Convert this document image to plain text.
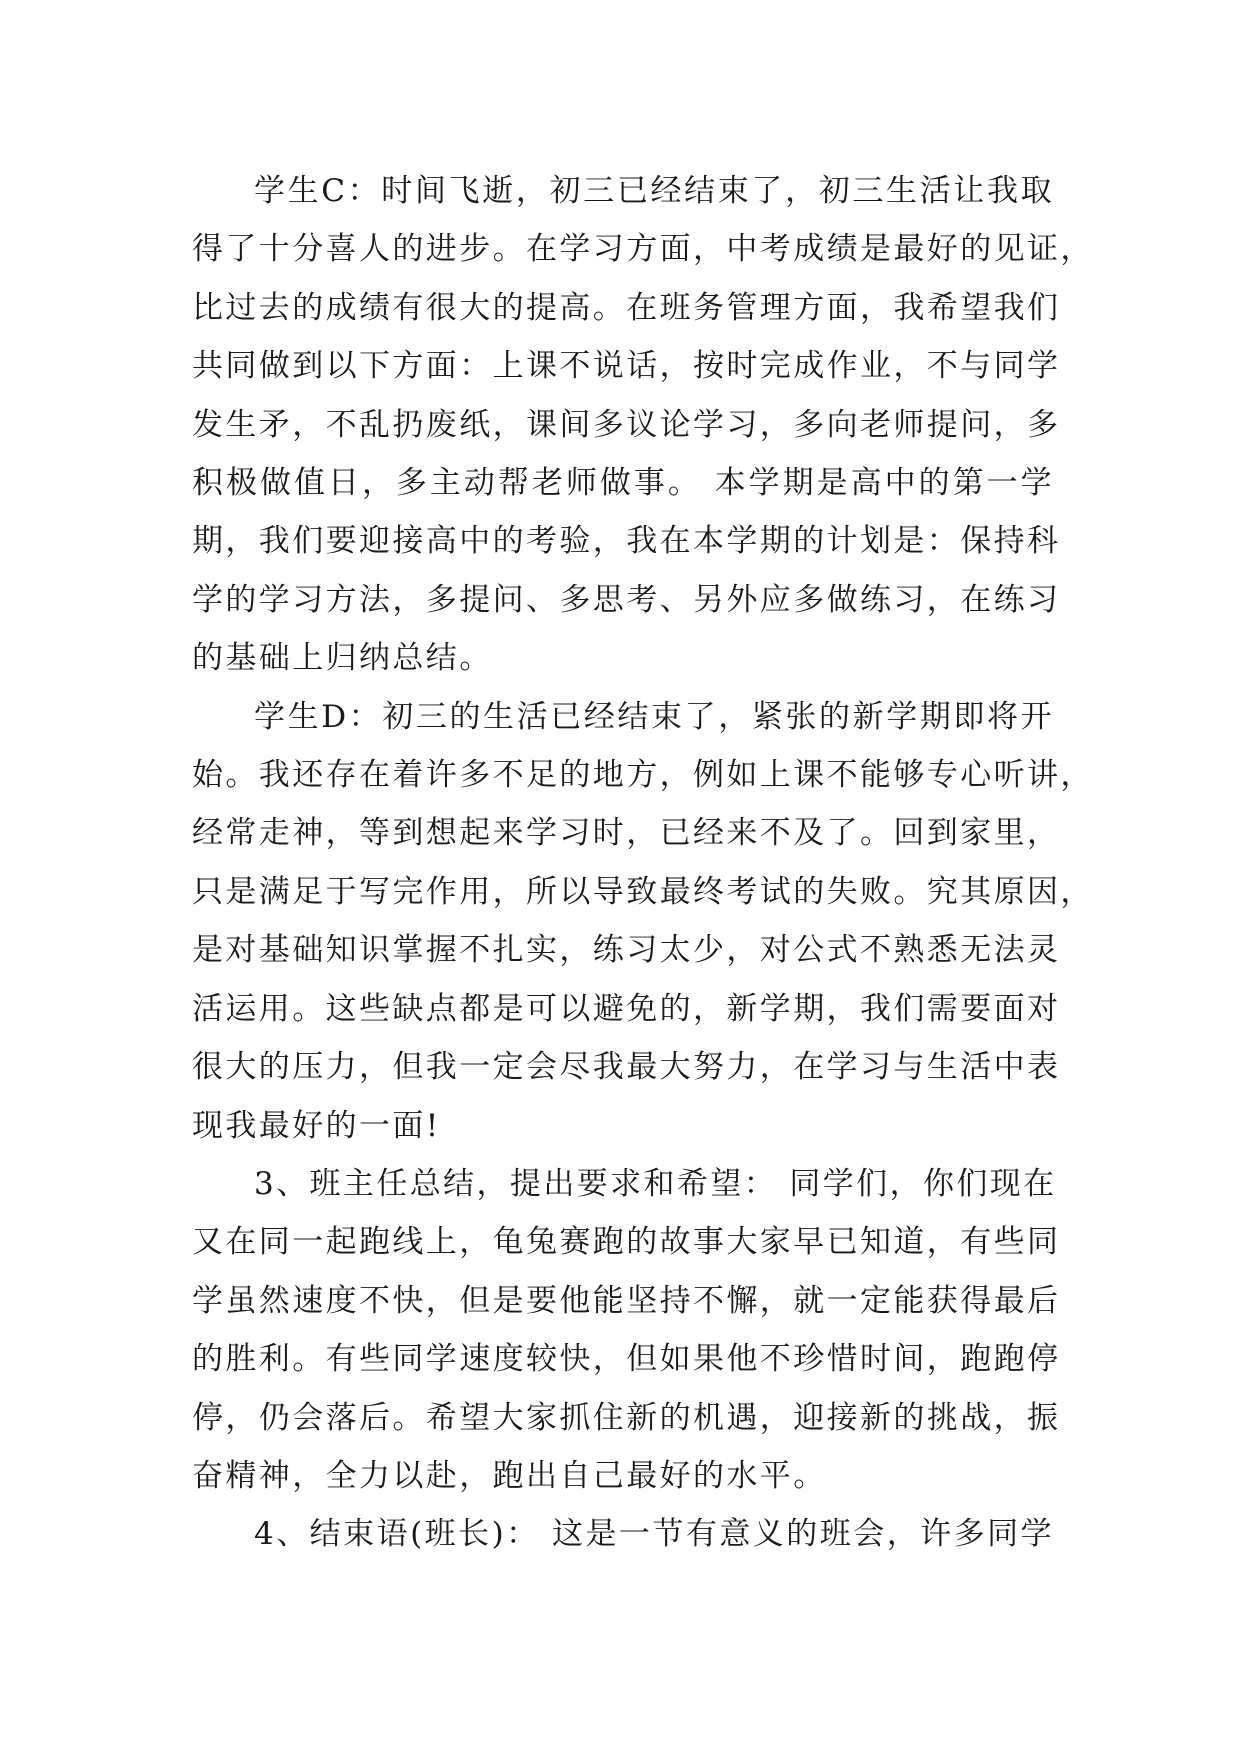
学生C：时间飞逝，初三已经结束了，初三生活让我取
得了十分喜人的进步。在学习方面，中考成绩是最好的见证，
比过去的成绩有很大的提高。在班务管理方面，我希望我们
共同做到以下方面：上课不说话，按时完成作业，不与同学
发生矛，不乱扔废纸，课间多议论学习，多向老师提问，多
积极做值日，多主动帮老师做事。 本学期是高中的第一学
期，我们要迎接高中的考验，我在本学期的计划是：保持科
学的学习方法，多提问、多思考、另外应多做练习，在练习
的基础上归纳总结。

学生D：初三的生活已经结束了，紧张的新学期即将开
始。我还存在着许多不足的地方，例如上课不能够专心听讲，
经常走神，等到想起来学习时，已经来不及了。回到家里，
只是满足于写完作用，所以导致最终考试的失败。究其原因，
是对基础知识掌握不扎实，练习太少，对公式不熟悉无法灵
活运用。这些缺点都是可以避免的，新学期，我们需要面对
很大的压力，但我一定会尽我最大努力，在学习与生活中表
现我最好的一面!

3、班主任总结，提出要求和希望： 同学们，你们现在
又在同一起跑线上，龟兔赛跑的故事大家早已知道，有些同
学虽然速度不快，但是要他能坚持不懈，就一定能获得最后
的胜利。有些同学速度较快，但如果他不珍惜时间，跑跑停
停，仍会落后。希望大家抓住新的机遇，迎接新的挑战，振
奋精神，全力以赴，跑出自己最好的水平。

4、结束语(班长)： 这是一节有意义的班会，许多同学
